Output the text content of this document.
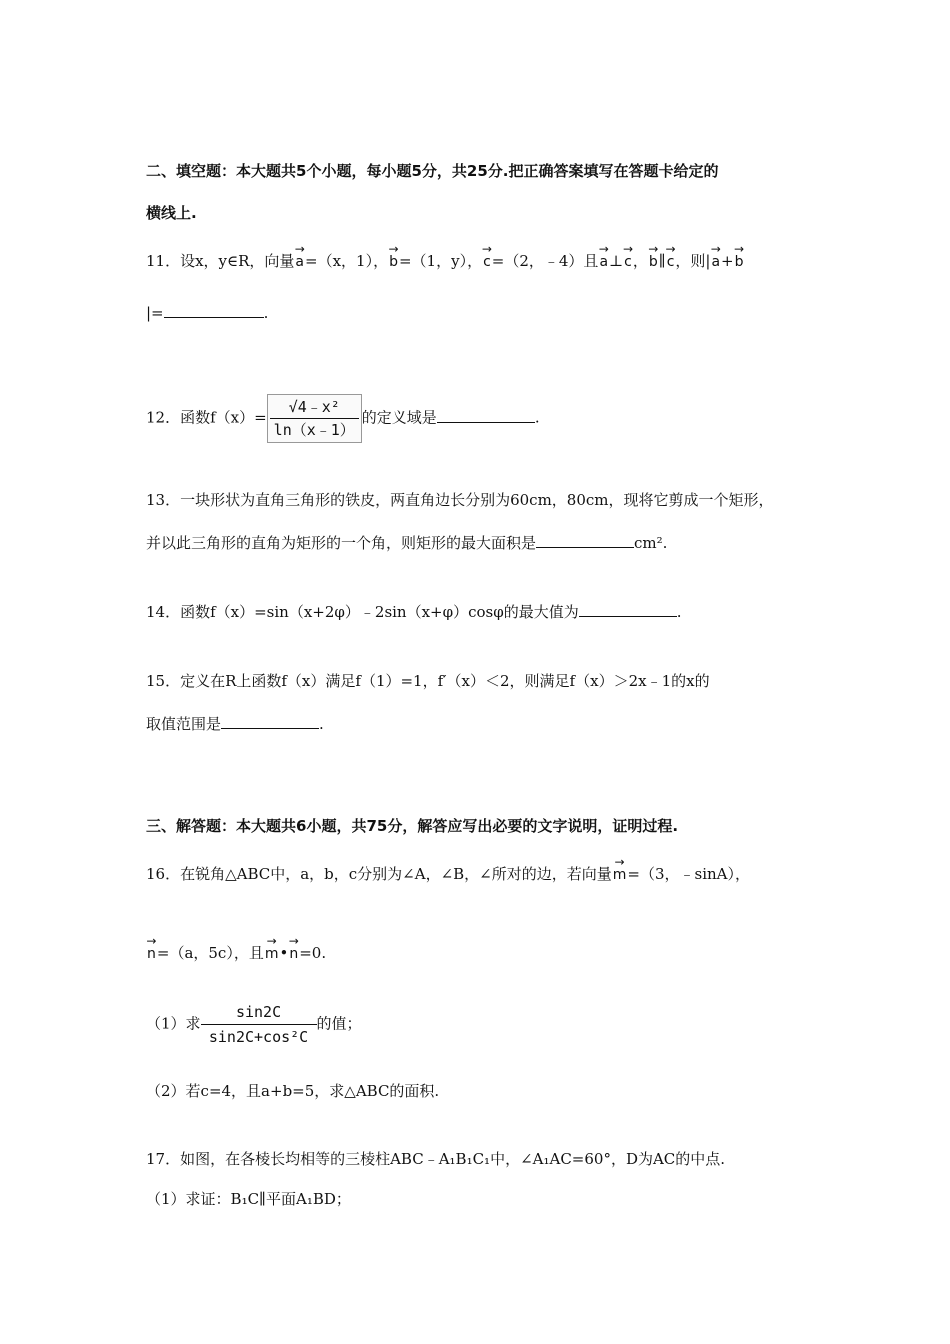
二、填空题：本大题共5个小题，每小题5分，共25分.把正确答案填写在答题卡给定的
横线上.
11．设x，y∈R，向量
→
a=（x，1），
→
b=（1，y），
→
c=（2，﹣4）且
→
a⊥
→
c，
→
b∥
→
c，则|
→
a+
→
b
|=	.
12．函数$f(x)= \frac{\text{√4﹣x²}}{\ln(x﹣1)}$ 的定义域是	.
13．一块形状为直角三角形的铁皮，两直角边长分别为60cm，80cm，现将它剪成一个矩形，
并以此三角形的直角为矩形的一个角，则矩形的最大面积是	cm².
14．函数f（x）=sin（x+2φ）﹣2sin（x+φ）cosφ的最大值为	.
15．定义在R上函数f（x）满足f（1）=1，f′（x）＜2，则满足f（x）＞2x﹣1的x的
取值范围是	.
三、解答题：本大题共6小题，共75分，解答应写出必要的文字说明，证明过程.
16．在锐角△ABC中，a，b，c分别为∠A，∠B，∠所对的边，若向量
→
m=（3，﹣sinA），
→
n=（a，5c），且
→
m•
→
n=0.
（1）求 $\frac{\sin 2C}{\text{sin2C+cos²C}}$ 的值；
（2）若c=4，且a+b=5，求△ABC的面积.
17．如图，在各棱长均相等的三棱柱ABC﹣A₁B₁C₁中，∠A₁AC=60°，D为AC的中点.
（1）求证：B₁C∥平面A₁BD；
